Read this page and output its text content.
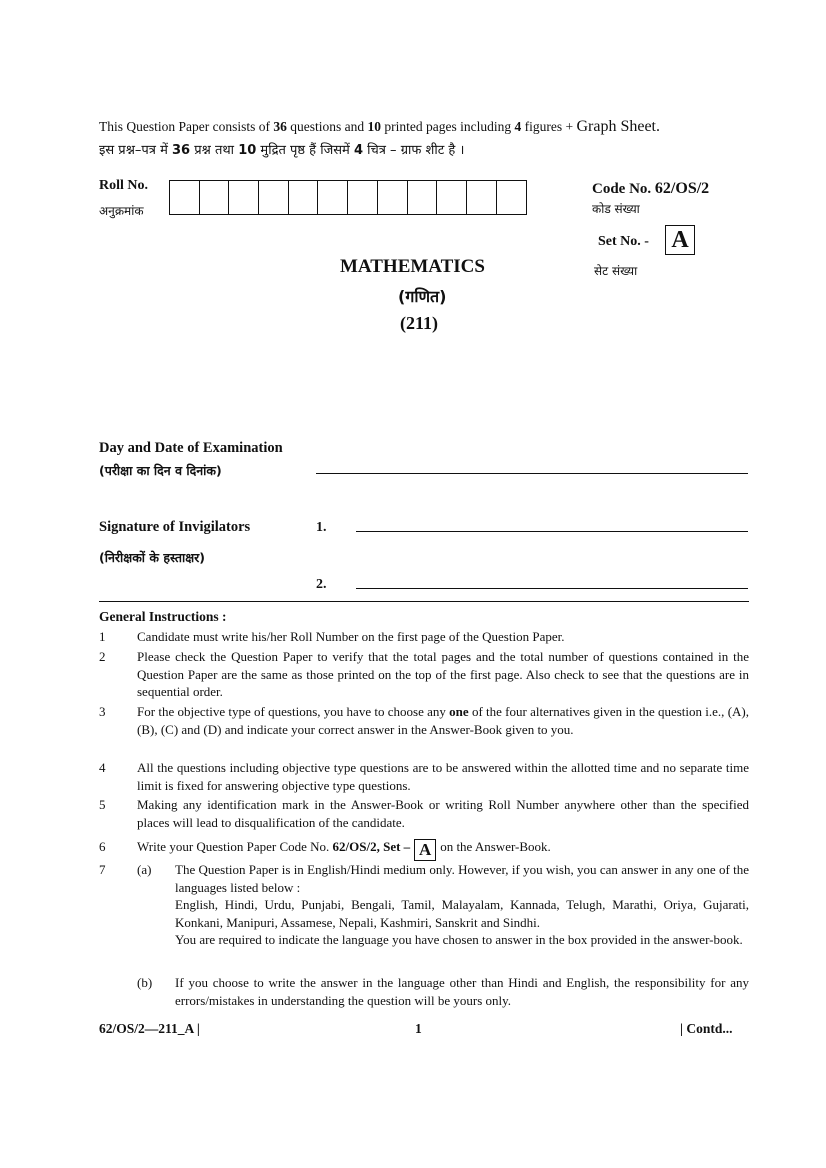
This Question Paper consists of 36 questions and 10 printed pages including 4 figures + Graph Sheet.
इस प्रश्न–पत्र में 36 प्रश्न तथा 10 मुद्रित पृष्ठ हैं जिसमें 4 चित्र – ग्राफ शीट है ।
Roll No.
अनुक्रमांक
Code No. 62/OS/2
कोड संख्या
Set No. - A
सेट संख्या
MATHEMATICS
(गणित)
(211)
Day and Date of Examination
(परीक्षा का दिन व दिनांक)
Signature of Invigilators
(निरीक्षकों के हस्ताक्षर)
1.
2.
General Instructions :
1	Candidate must write his/her Roll Number on the first page of the Question Paper.
2	Please check the Question Paper to verify that the total pages and the total number of questions contained in the Question Paper are the same as those printed on the top of the first page. Also check to see that the questions are in sequential order.
3	For the objective type of questions, you have to choose any one of the four alternatives given in the question i.e., (A), (B), (C) and (D) and indicate your correct answer in the Answer-Book given to you.
4	All the questions including objective type questions are to be answered within the allotted time and no separate time limit is fixed for answering objective type questions.
5	Making any identification mark in the Answer-Book or writing Roll Number anywhere other than the specified places will lead to disqualification of the candidate.
6	Write your Question Paper Code No. 62/OS/2, Set – A on the Answer-Book.
7	(a)	The Question Paper is in English/Hindi medium only. However, if you wish, you can answer in any one of the languages listed below :
English, Hindi, Urdu, Punjabi, Bengali, Tamil, Malayalam, Kannada, Telugh, Marathi, Oriya, Gujarati, Konkani, Manipuri, Assamese, Nepali, Kashmiri, Sanskrit and Sindhi.
You are required to indicate the language you have chosen to answer in the box provided in the answer-book.
(b)	If you choose to write the answer in the language other than Hindi and English, the responsibility for any errors/mistakes in understanding the question will be yours only.
62/OS/2—211_A |	1	| Contd...
